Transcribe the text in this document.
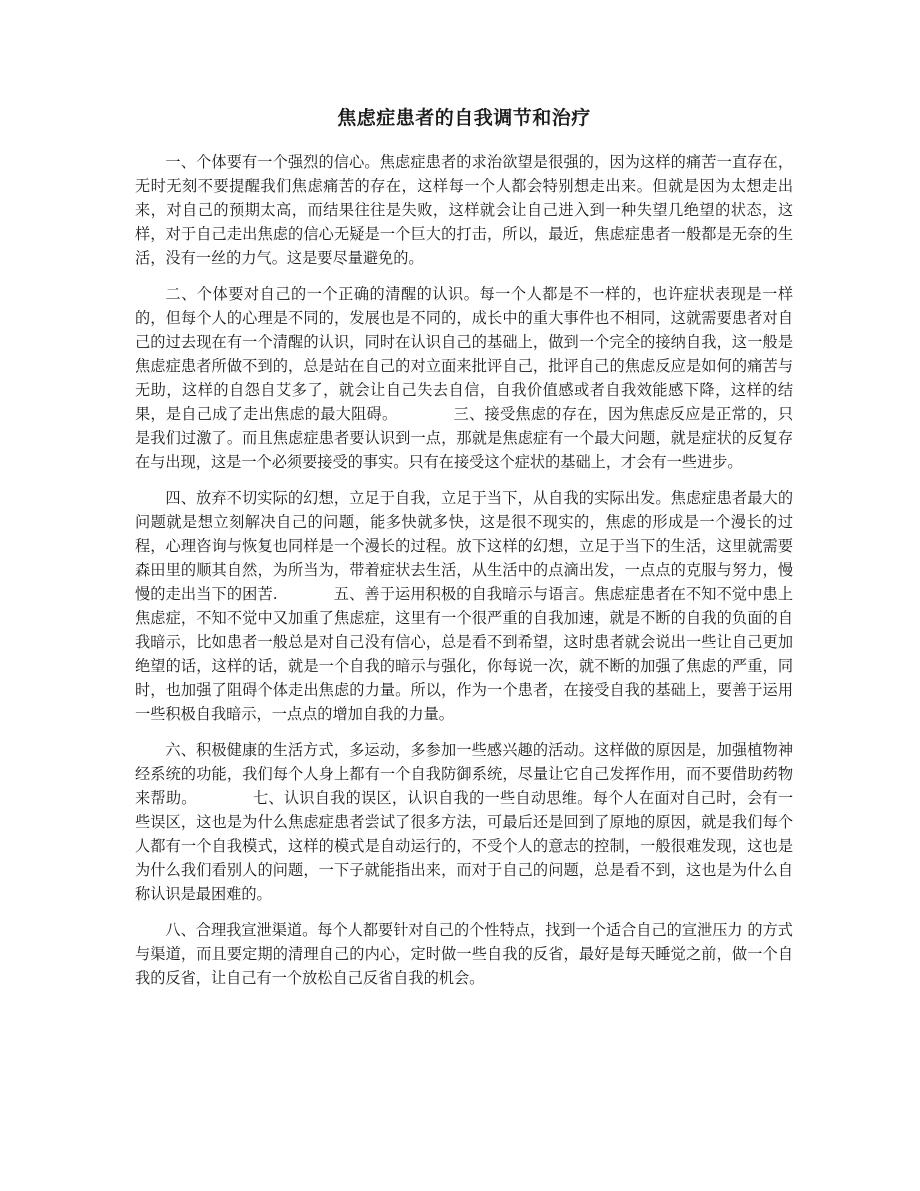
焦虑症患者的自我调节和治疗

一、个体要有一个强烈的信心。焦虑症患者的求治欲望是很强的，因为这样的痛苦一直存在，无时无刻不要提醒我们焦虑痛苦的存在，这样每一个人都会特别想走出来。但就是因为太想走出来，对自己的预期太高，而结果往往是失败，这样就会让自己进入到一种失望几绝望的状态，这样，对于自己走出焦虑的信心无疑是一个巨大的打击，所以，最近，焦虑症患者一般都是无奈的生活，没有一丝的力气。这是要尽量避免的。

二、个体要对自己的一个正确的清醒的认识。每一个人都是不一样的，也许症状表现是一样的，但每个人的心理是不同的，发展也是不同的，成长中的重大事件也不相同，这就需要患者对自己的过去现在有一个清醒的认识，同时在认识自己的基础上，做到一个完全的接纳自我，这一般是焦虑症患者所做不到的，总是站在自己的对立面来批评自己，批评自己的焦虑反应是如何的痛苦与无助，这样的自怨自艾多了，就会让自己失去自信，自我价值感或者自我效能感下降，这样的结果，是自己成了走出焦虑的最大阻碍。	三、接受焦虑的存在，因为焦虑反应是正常的，只是我们过激了。而且焦虑症患者要认识到一点，那就是焦虑症有一个最大问题，就是症状的反复存在与出现，这是一个必须要接受的事实。只有在接受这个症状的基础上，才会有一些进步。

四、放弃不切实际的幻想，立足于自我，立足于当下，从自我的实际出发。焦虑症患者最大的问题就是想立刻解决自己的问题，能多快就多快，这是很不现实的，焦虑的形成是一个漫长的过程，心理咨询与恢复也同样是一个漫长的过程。放下这样的幻想，立足于当下的生活，这里就需要森田里的顺其自然，为所当为，带着症状去生活，从生活中的点滴出发，一点点的克服与努力，慢慢的走出当下的困苦.	五、善于运用积极的自我暗示与语言。焦虑症患者在不知不觉中患上焦虑症，不知不觉中又加重了焦虑症，这里有一个很严重的自我加速，就是不断的自我的负面的自我暗示，比如患者一般总是对自己没有信心，总是看不到希望，这时患者就会说出一些让自己更加绝望的话，这样的话，就是一个自我的暗示与强化，你每说一次，就不断的加强了焦虑的严重，同时，也加强了阻碍个体走出焦虑的力量。所以，作为一个患者，在接受自我的基础上，要善于运用一些积极自我暗示，一点点的增加自我的力量。

六、积极健康的生活方式，多运动，多参加一些感兴趣的活动。这样做的原因是，加强植物神经系统的功能，我们每个人身上都有一个自我防御系统，尽量让它自己发挥作用，而不要借助药物来帮助。	七、认识自我的误区，认识自我的一些自动思维。每个人在面对自己时，会有一些误区，这也是为什么焦虑症患者尝试了很多方法，可最后还是回到了原地的原因，就是我们每个人都有一个自我模式，这样的模式是自动运行的，不受个人的意志的控制，一般很难发现，这也是为什么我们看别人的问题，一下子就能指出来，而对于自己的问题，总是看不到，这也是为什么自称认识是最困难的。

八、合理我宣泄渠道。每个人都要针对自己的个性特点，找到一个适合自己的宣泄压力 的方式与渠道，而且要定期的清理自己的内心，定时做一些自我的反省，最好是每天睡觉之前，做一个自我的反省，让自己有一个放松自己反省自我的机会。
